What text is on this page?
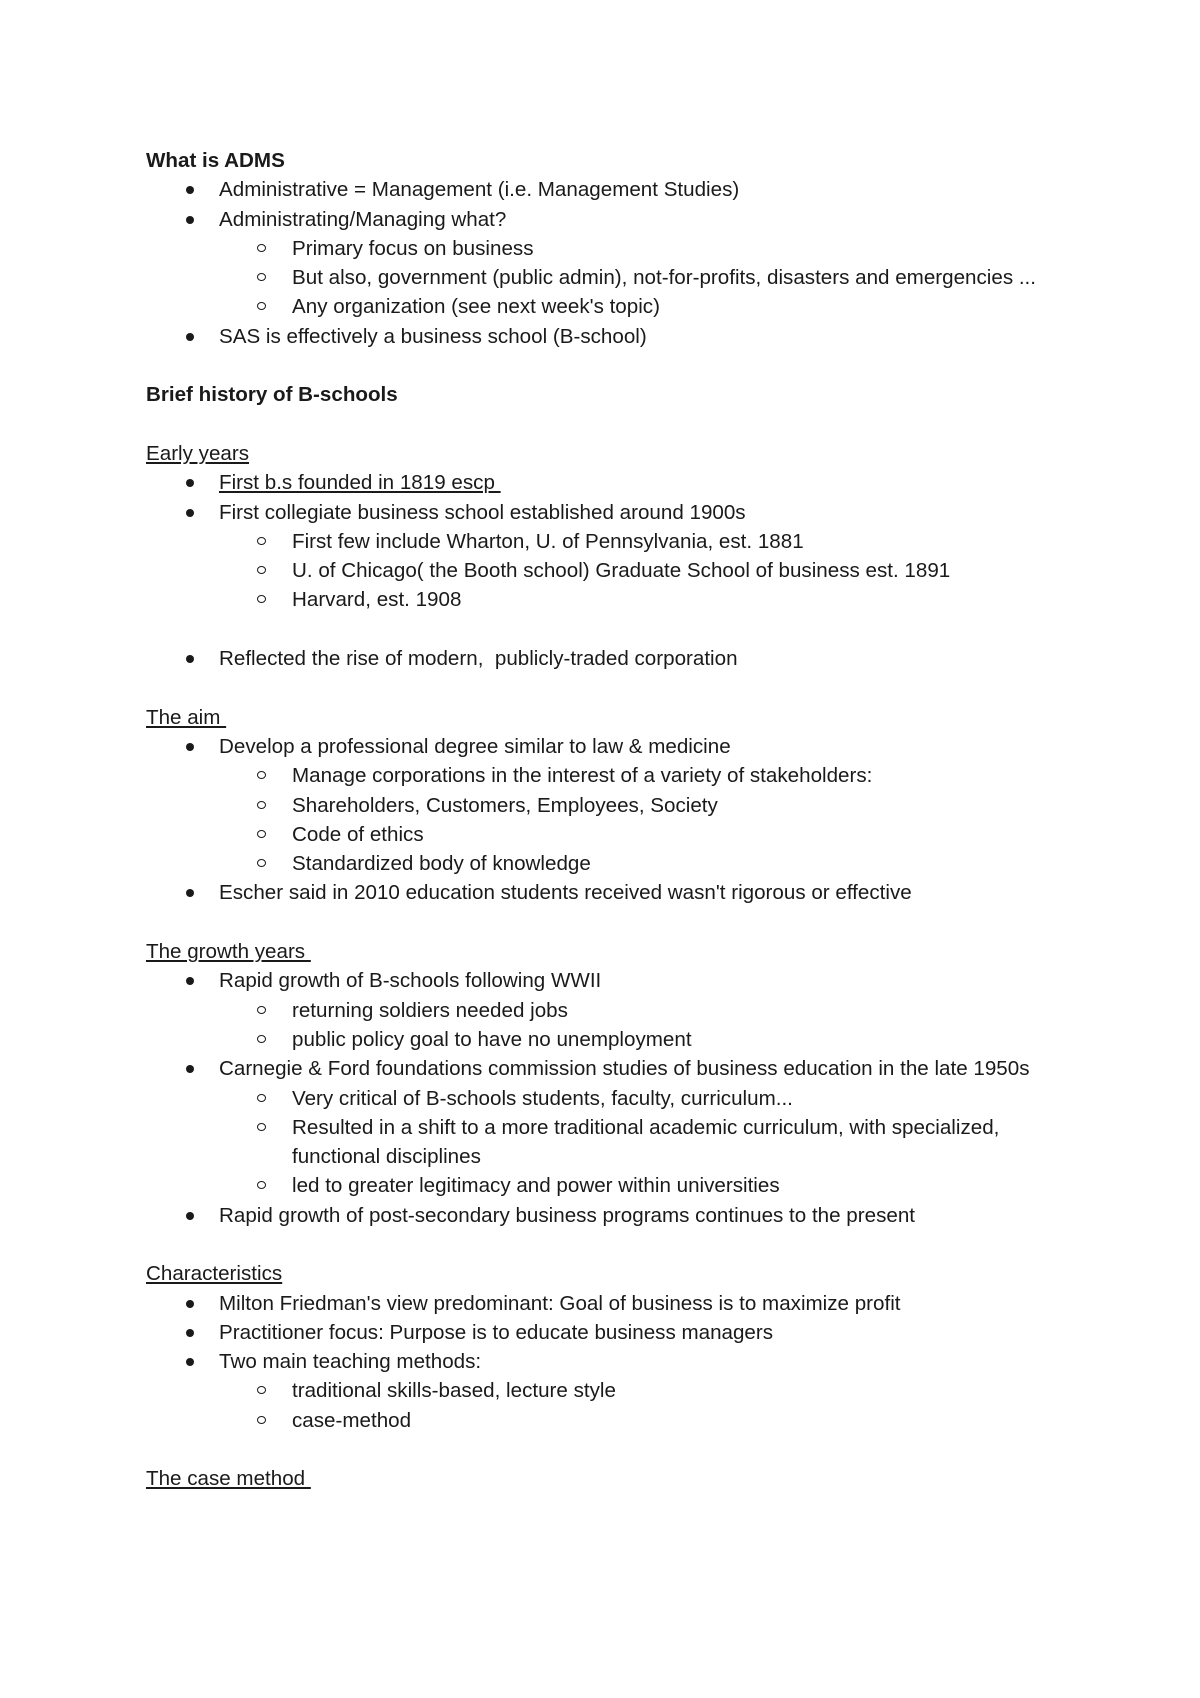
What is ADMS
Administrative = Management (i.e. Management Studies)
Administrating/Managing what?
Primary focus on business
But also, government (public admin), not-for-profits, disasters and emergencies ...
Any organization (see next week's topic)
SAS is effectively a business school (B-school)
Brief history of B-schools
Early years
First b.s founded in 1819 escp
First collegiate business school established around 1900s
First few include Wharton, U. of Pennsylvania, est. 1881
U. of Chicago( the Booth school) Graduate School of business est. 1891
Harvard, est. 1908
Reflected the rise of modern,  publicly-traded corporation
The aim
Develop a professional degree similar to law & medicine
Manage corporations in the interest of a variety of stakeholders:
Shareholders, Customers, Employees, Society
Code of ethics
Standardized body of knowledge
Escher said in 2010 education students received wasn't rigorous or effective
The growth years
Rapid growth of B-schools following WWII
returning soldiers needed jobs
public policy goal to have no unemployment
Carnegie & Ford foundations commission studies of business education in the late 1950s
Very critical of B-schools students, faculty, curriculum...
Resulted in a shift to a more traditional academic curriculum, with specialized, functional disciplines
led to greater legitimacy and power within universities
Rapid growth of post-secondary business programs continues to the present
Characteristics
Milton Friedman's view predominant: Goal of business is to maximize profit
Practitioner focus: Purpose is to educate business managers
Two main teaching methods:
traditional skills-based, lecture style
case-method
The case method
